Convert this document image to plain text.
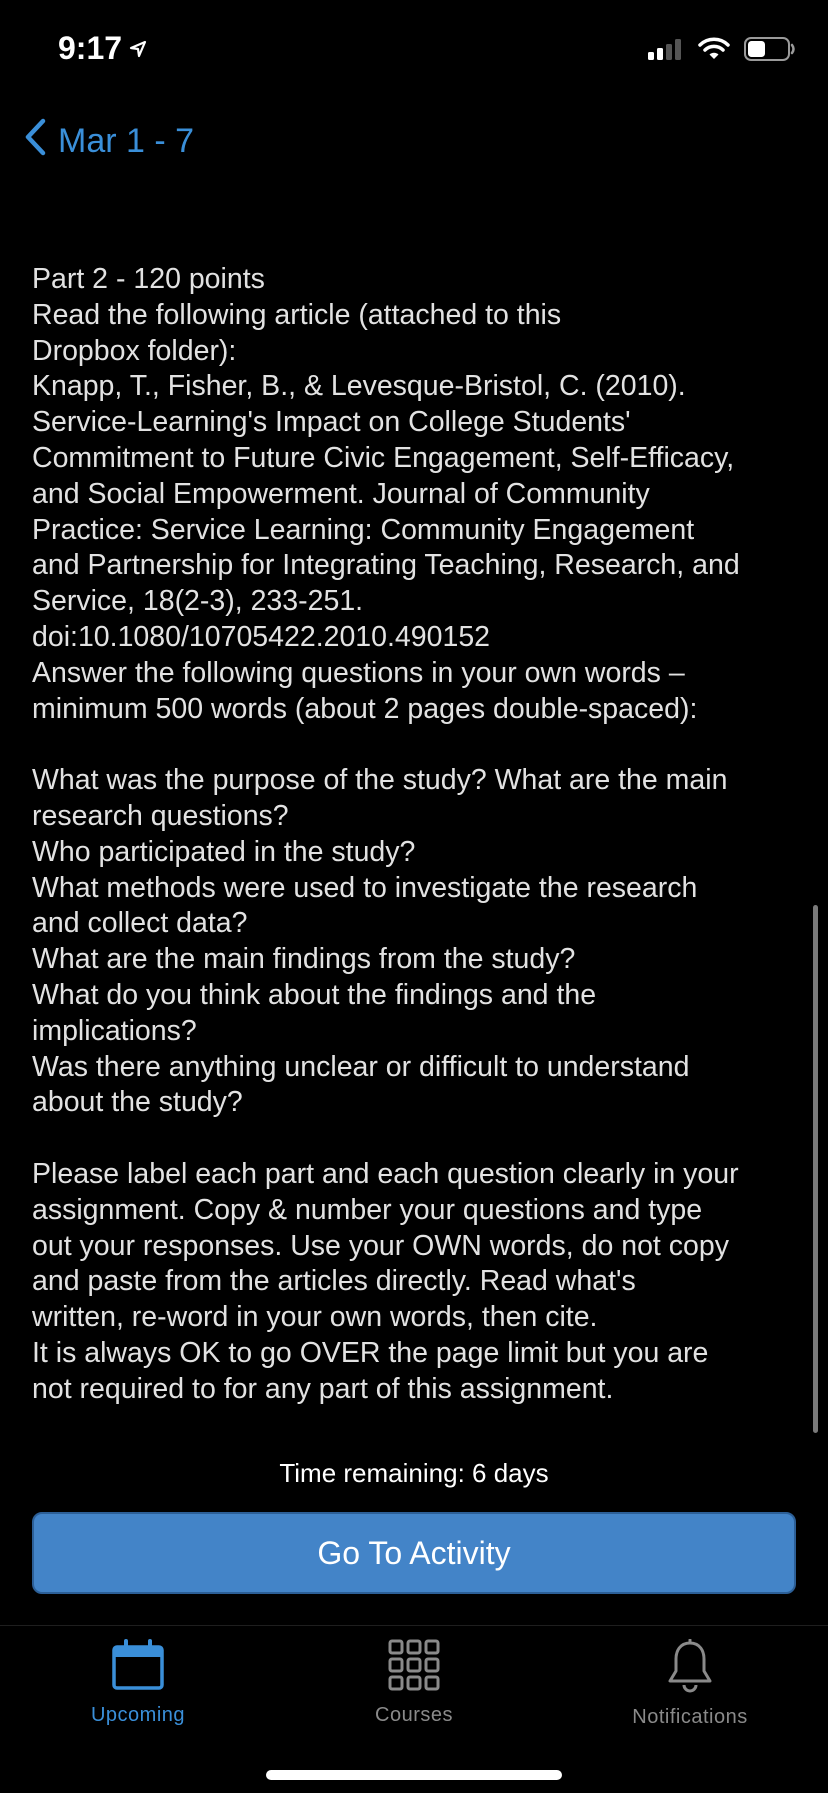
9:17
Mar 1 - 7
Part 2 - 120 points
Read the following article (attached to this
Dropbox folder):
Knapp, T., Fisher, B., & Levesque-Bristol, C. (2010).
Service-Learning's Impact on College Students'
Commitment to Future Civic Engagement, Self-Efficacy,
and Social Empowerment. Journal of Community
Practice: Service Learning: Community Engagement
and Partnership for Integrating Teaching, Research, and
Service, 18(2-3), 233-251.
doi:10.1080/10705422.2010.490152
Answer the following questions in your own words –
minimum 500 words (about 2 pages double-spaced):
What was the purpose of the study? What are the main
research questions?
Who participated in the study?
What methods were used to investigate the research
and collect data?
What are the main findings from the study?
What do you think about the findings and the
implications?
Was there anything unclear or difficult to understand
about the study?
Please label each part and each question clearly in your
assignment. Copy & number your questions and type
out your responses. Use your OWN words, do not copy
and paste from the articles directly. Read what's
written, re-word in your own words, then cite.
It is always OK to go OVER the page limit but you are
not required to for any part of this assignment.
Time remaining: 6 days
Go To Activity
Upcoming	Courses	Notifications
